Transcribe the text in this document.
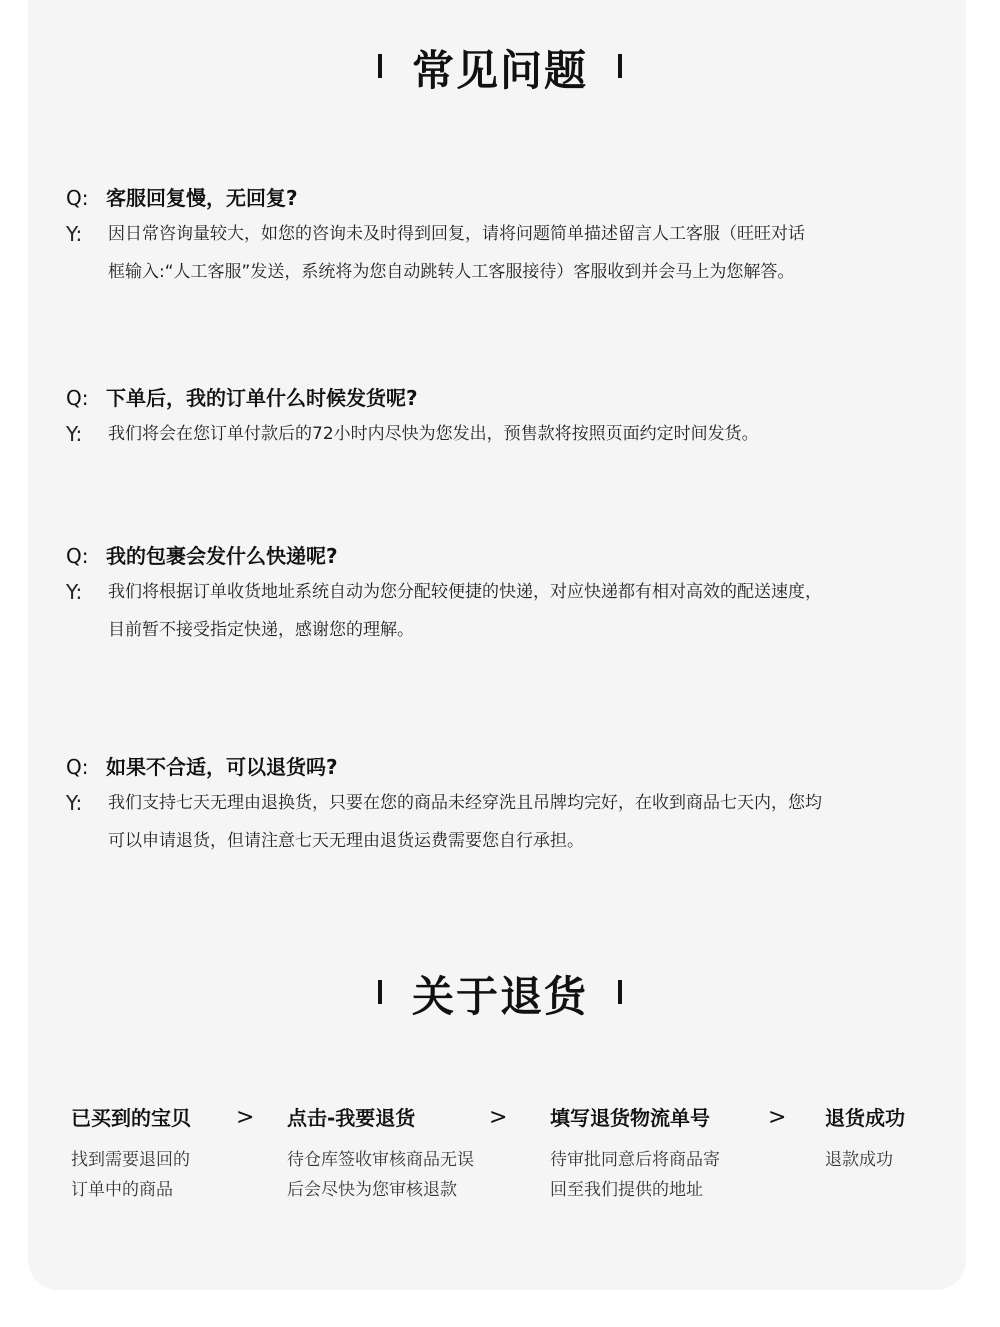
常见问题
Q: 客服回复慢，无回复?
Y: 因日常咨询量较大，如您的咨询未及时得到回复，请将问题简单描述留言人工客服（旺旺对话
框输入:“人工客服”发送，系统将为您自动跳转人工客服接待）客服收到并会马上为您解答。
Q: 下单后，我的订单什么时候发货呢?
Y: 我们将会在您订单付款后的72小时内尽快为您发出，预售款将按照页面约定时间发货。
Q: 我的包裹会发什么快递呢?
Y: 我们将根据订单收货地址系统自动为您分配较便捷的快递，对应快递都有相对高效的配送速度，
目前暂不接受指定快递，感谢您的理解。
Q: 如果不合适，可以退货吗?
Y: 我们支持七天无理由退换货，只要在您的商品未经穿洗且吊牌均完好，在收到商品七天内，您均
可以申请退货，但请注意七天无理由退货运费需要您自行承担。
关于退货
已买到的宝贝
找到需要退回的
订单中的商品
> 点击-我要退货
待仓库签收审核商品无误
后会尽快为您审核退款
> 填写退货物流单号
待审批同意后将商品寄
回至我们提供的地址
> 退货成功
退款成功
